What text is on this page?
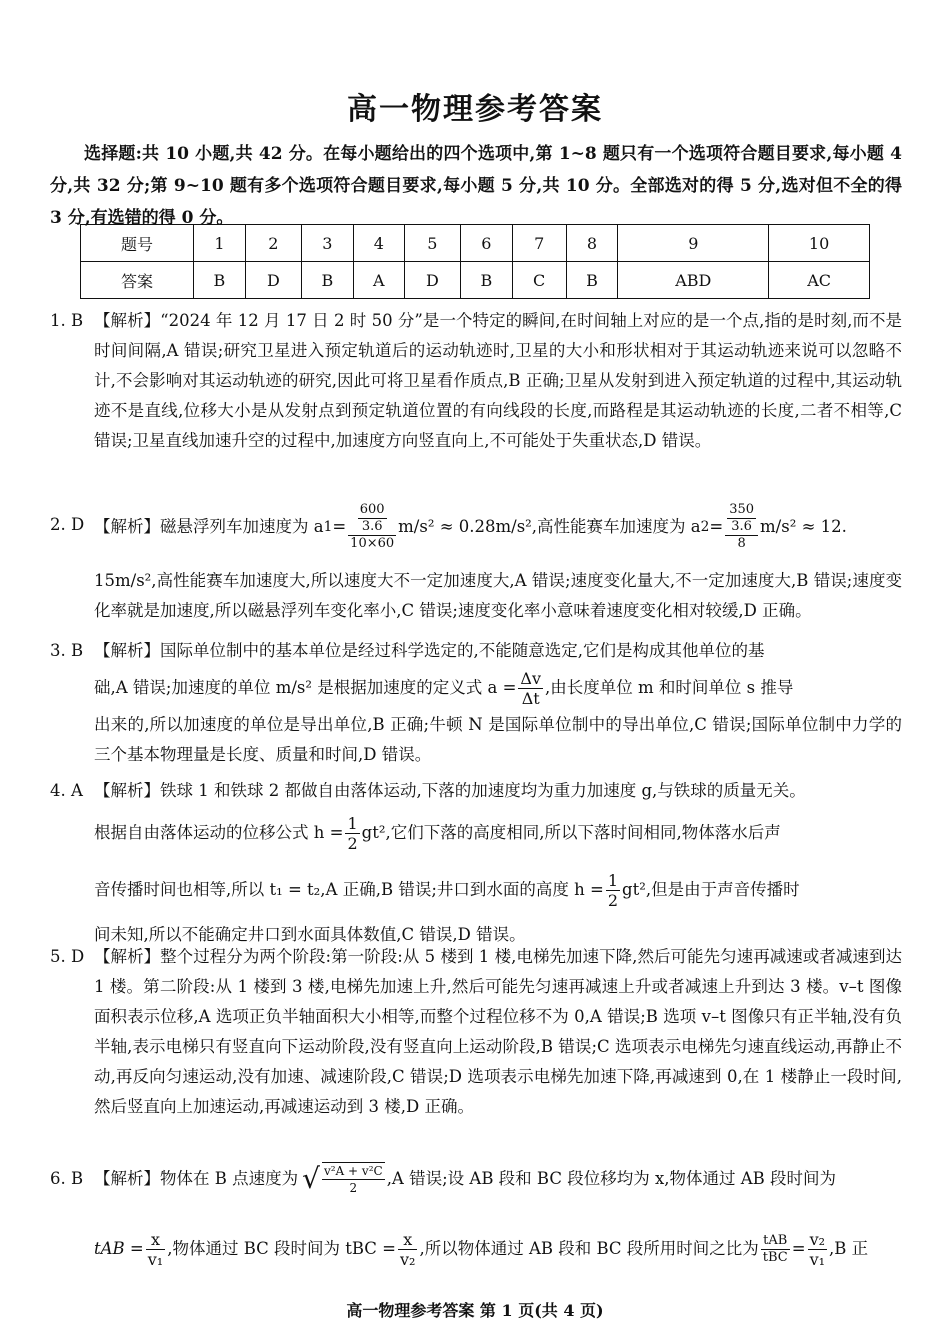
高一物理参考答案
选择题:共 10 小题,共 42 分。在每小题给出的四个选项中,第 1~8 题只有一个选项符合题目要求,每小题 4 分,共 32 分;第 9~10 题有多个选项符合题目要求,每小题 5 分,共 10 分。全部选对的得 5 分,选对但不全的得 3 分,有选错的得 0 分。
题号	1	2	3	4	5	6	7	8	9	10
答案	B	D	B	A	D	B	C	B	ABD	AC
1. B 【解析】“2024 年 12 月 17 日 2 时 50 分”是一个特定的瞬间,在时间轴上对应的是一个点,指的是时刻,而不是时间间隔,A 错误;研究卫星进入预定轨道后的运动轨迹时,卫星的大小和形状相对于其运动轨迹来说可以忽略不计,不会影响对其运动轨迹的研究,因此可将卫星看作质点,B 正确;卫星从发射到进入预定轨道的过程中,其运动轨迹不是直线,位移大小是从发射点到预定轨道位置的有向线段的长度,而路程是其运动轨迹的长度,二者不相等,C 错误;卫星直线加速升空的过程中,加速度方向竖直向上,不可能处于失重状态,D 错误。
2. D 【解析】磁悬浮列车加速度为 a $1 = \frac{\frac{600}{3.6}}{10\times 60} m/s^2 \approx 0.28m/s^2$,高性能赛车加速度为 a $2 = \frac{\frac{350}{3.6}}{8} m/s^2 \approx 12$.
15m/s²,高性能赛车加速度大,所以速度大不一定加速度大,A 错误;速度变化量大,不一定加速度大,B 错误;速度变化率就是加速度,所以磁悬浮列车变化率小,C 错误;速度变化率小意味着速度变化相对较缓,D 正确。
3. B 【解析】国际单位制中的基本单位是经过科学选定的,不能随意选定,它们是构成其他单位的基
础,A 错误;加速度的单位 m/s² 是根据加速度的定义式 $a = \frac{\Delta v}{\Delta t}$ ,由长度单位 m 和时间单位 s 推导
出来的,所以加速度的单位是导出单位,B 正确;牛顿 N 是国际单位制中的导出单位,C 错误;国际单位制中力学的三个基本物理量是长度、质量和时间,D 错误。
4. A 【解析】铁球 1 和铁球 2 都做自由落体运动,下落的加速度均为重力加速度 g,与铁球的质量无关。
根据自由落体运动的位移公式 $h = \frac{1}{2} gt^2$ ,它们下落的高度相同,所以下落时间相同,物体落水后声
音传播时间也相等,所以 t₁ = t₂,A 正确,B 错误;井口到水面的高度 $h = \frac{1}{2} gt^2$ ,但是由于声音传播时
间未知,所以不能确定井口到水面具体数值,C 错误,D 错误。
5. D 【解析】整个过程分为两个阶段:第一阶段:从 5 楼到 1 楼,电梯先加速下降,然后可能先匀速再减速或者减速到达 1 楼。第二阶段:从 1 楼到 3 楼,电梯先加速上升,然后可能先匀速再减速上升或者减速上升到达 3 楼。v–t 图像面积表示位移,A 选项正负半轴面积大小相等,而整个过程位移不为 0,A 错误;B 选项 v–t 图像只有正半轴,没有负半轴,表示电梯只有竖直向下运动阶段,没有竖直向上运动阶段,B 错误;C 选项表示电梯先匀速直线运动,再静止不动,再反向匀速运动,没有加速、减速阶段,C 错误;D 选项表示电梯先加速下降,再减速到 0,在 1 楼静止一段时间,然后竖直向上加速运动,再减速运动到 3 楼,D 正确。
6. B 【解析】物体在 B 点速度为 √ $\frac{\text{v²A + v²C}}{2} ,A$ 错误;设 AB 段和 BC 段位移均为 x,物体通过 AB 段时间为
tAB = $\frac{x}{\text{v₁}}$ ,物体通过 BC 段时间为 tBC = $\frac{x}{\text{v₂}}$ ,所以物体通过 AB 段和 BC 段所用时间之比为 $\frac{\text{tAB}}{\text{tBC}} = \frac{\text{v₂}}{\text{v₁}} ,B$ 正
高一物理参考答案 第 1 页(共 4 页)
